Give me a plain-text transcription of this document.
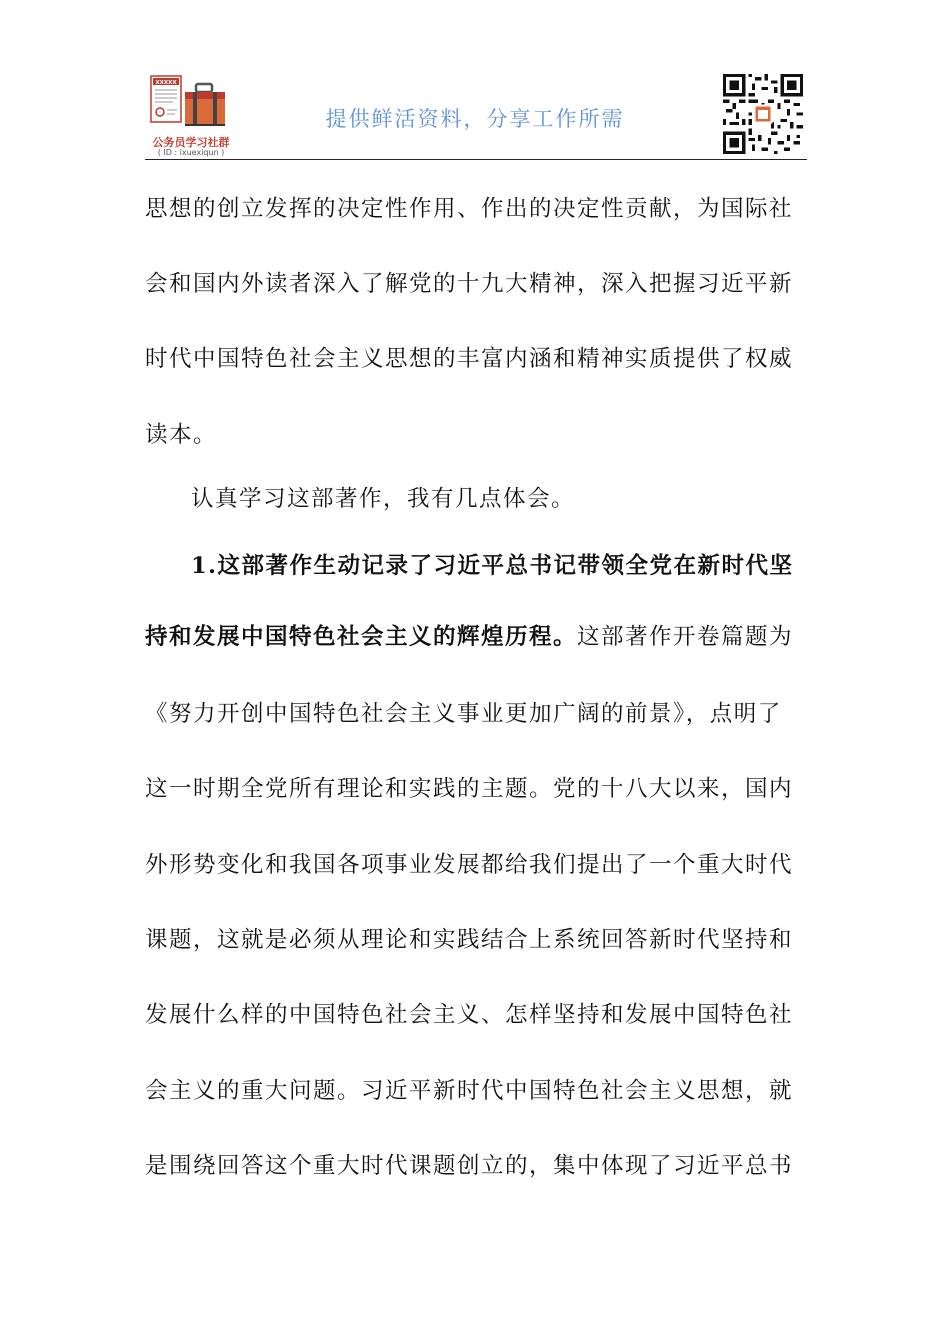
XXXXX
公务员学习社群
( ID : ixuexiqun )
提供鲜活资料，分享工作所需
思想的创立发挥的决定性作用、作出的决定性贡献，为国际社
会和国内外读者深入了解党的十九大精神，深入把握习近平新
时代中国特色社会主义思想的丰富内涵和精神实质提供了权威
读本。
认真学习这部著作，我有几点体会。
1.这部著作生动记录了习近平总书记带领全党在新时代坚
持和发展中国特色社会主义的辉煌历程。这部著作开卷篇题为
《努力开创中国特色社会主义事业更加广阔的前景》，点明了
这一时期全党所有理论和实践的主题。党的十八大以来，国内
外形势变化和我国各项事业发展都给我们提出了一个重大时代
课题，这就是必须从理论和实践结合上系统回答新时代坚持和
发展什么样的中国特色社会主义、怎样坚持和发展中国特色社
会主义的重大问题。习近平新时代中国特色社会主义思想，就
是围绕回答这个重大时代课题创立的，集中体现了习近平总书
